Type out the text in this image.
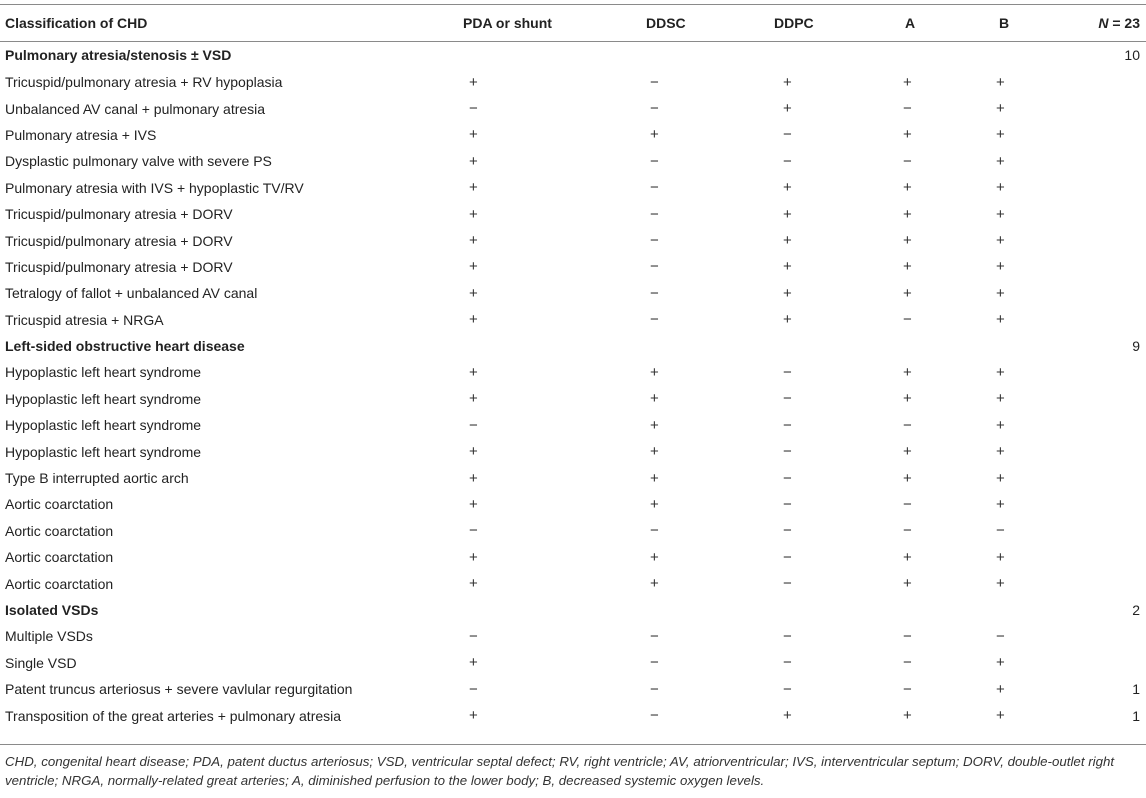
Classification of CHD	PDA or shunt	DDSC	DDPC	A	B	N = 23
Pulmonary atresia/stenosis ± VSD						10
Tricuspid/pulmonary atresia + RV hypoplasia	+	−	+	+	+	
Unbalanced AV canal + pulmonary atresia	−	−	+	−	+	
Pulmonary atresia + IVS	+	+	−	+	+	
Dysplastic pulmonary valve with severe PS	+	−	−	−	+	
Pulmonary atresia with IVS + hypoplastic TV/RV	+	−	+	+	+	
Tricuspid/pulmonary atresia + DORV	+	−	+	+	+	
Tricuspid/pulmonary atresia + DORV	+	−	+	+	+	
Tricuspid/pulmonary atresia + DORV	+	−	+	+	+	
Tetralogy of fallot + unbalanced AV canal	+	−	+	+	+	
Tricuspid atresia + NRGA	+	−	+	−	+	
Left-sided obstructive heart disease						9
Hypoplastic left heart syndrome	+	+	−	+	+	
Hypoplastic left heart syndrome	+	+	−	+	+	
Hypoplastic left heart syndrome	−	+	−	−	+	
Hypoplastic left heart syndrome	+	+	−	+	+	
Type B interrupted aortic arch	+	+	−	+	+	
Aortic coarctation	+	+	−	−	+	
Aortic coarctation	−	−	−	−	−	
Aortic coarctation	+	+	−	+	+	
Aortic coarctation	+	+	−	+	+	
Isolated VSDs						2
Multiple VSDs	−	−	−	−	−	
Single VSD	+	−	−	−	+	
Patent truncus arteriosus + severe vavlular regurgitation	−	−	−	−	+	1
Transposition of the great arteries + pulmonary atresia	+	−	+	+	+	1
CHD, congenital heart disease; PDA, patent ductus arteriosus; VSD, ventricular septal defect; RV, right ventricle; AV, atriorventricular; IVS, interventricular septum; DORV, double-outlet right ventricle; NRGA, normally-related great arteries; A, diminished perfusion to the lower body; B, decreased systemic oxygen levels.
